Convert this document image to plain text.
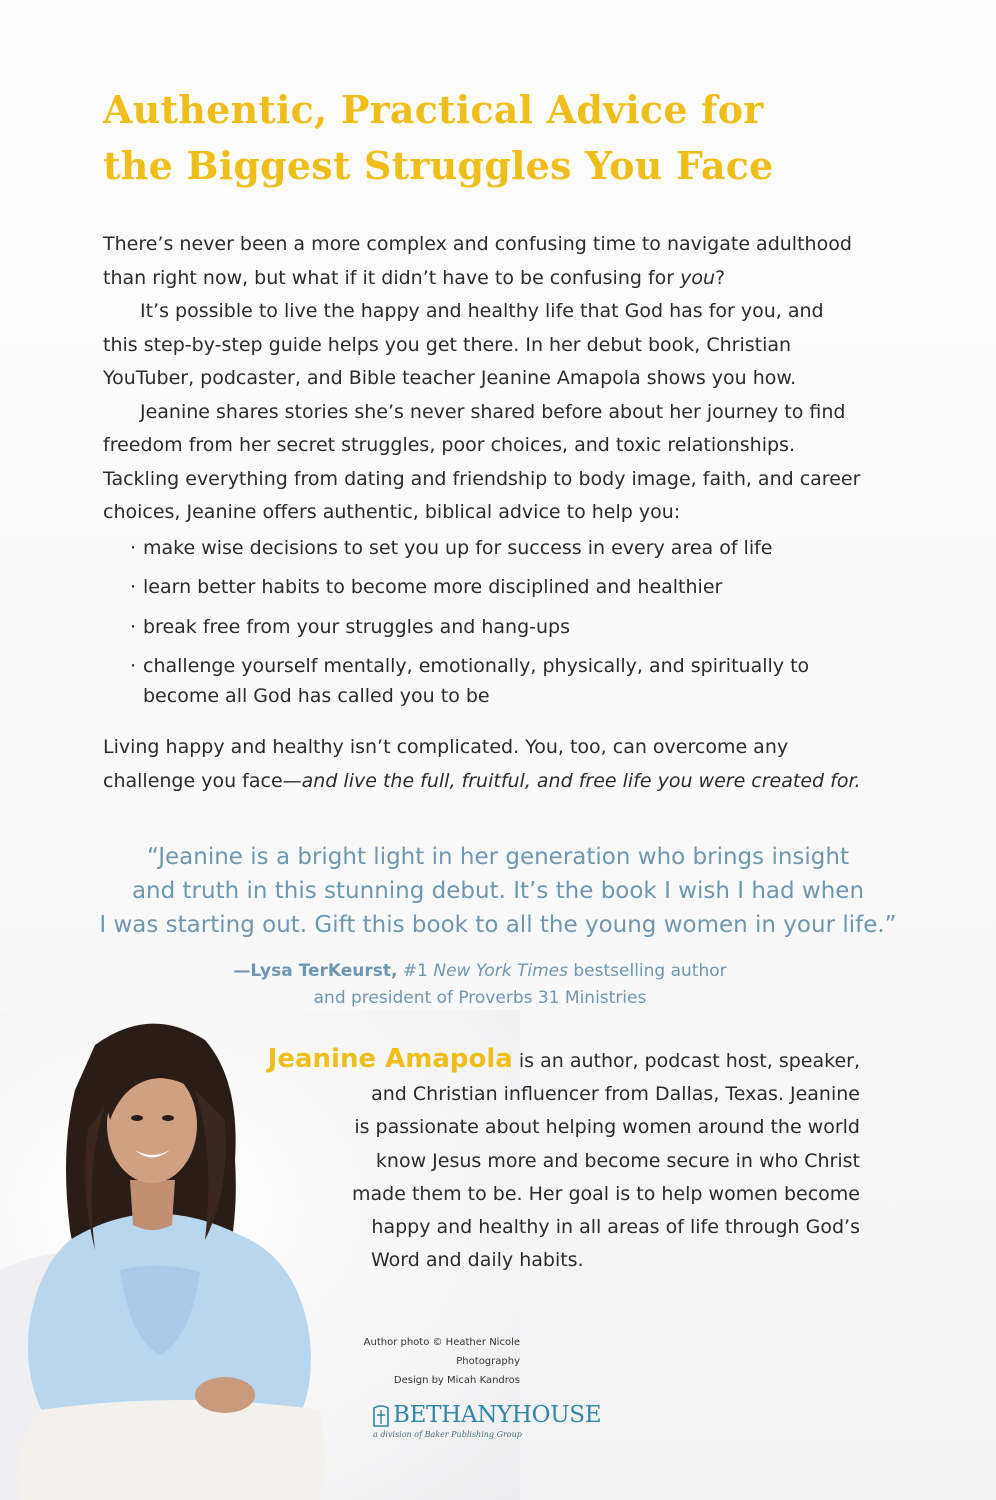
Authentic, Practical Advice for
the Biggest Struggles You Face

There’s never been a more complex and confusing time to navigate adulthood than right now, but what if it didn’t have to be confusing for you?

It’s possible to live the happy and healthy life that God has for you, and this step-by-step guide helps you get there. In her debut book, Christian YouTuber, podcaster, and Bible teacher Jeanine Amapola shows you how.

Jeanine shares stories she’s never shared before about her journey to find freedom from her secret struggles, poor choices, and toxic relationships. Tackling everything from dating and friendship to body image, faith, and career choices, Jeanine offers authentic, biblical advice to help you:

· make wise decisions to set you up for success in every area of life
· learn better habits to become more disciplined and healthier
· break free from your struggles and hang-ups
· challenge yourself mentally, emotionally, physically, and spiritually to become all God has called you to be

Living happy and healthy isn’t complicated. You, too, can overcome any challenge you face—and live the full, fruitful, and free life you were created for.

“Jeanine is a bright light in her generation who brings insight
and truth in this stunning debut. It’s the book I wish I had when
I was starting out. Gift this book to all the young women in your life.”
—Lysa TerKeurst, #1 New York Times bestselling author
and president of Proverbs 31 Ministries
Jeanine Amapola is an author, podcast host, speaker,
and Christian influencer from Dallas, Texas. Jeanine
is passionate about helping women around the world
know Jesus more and become secure in who Christ
made them to be. Her goal is to help women become
happy and healthy in all areas of life through God’s
Word and daily habits.
Author photo © Heather Nicole Photography
Design by Micah Kandros
BETHANYHOUSE
a division of Baker Publishing Group
